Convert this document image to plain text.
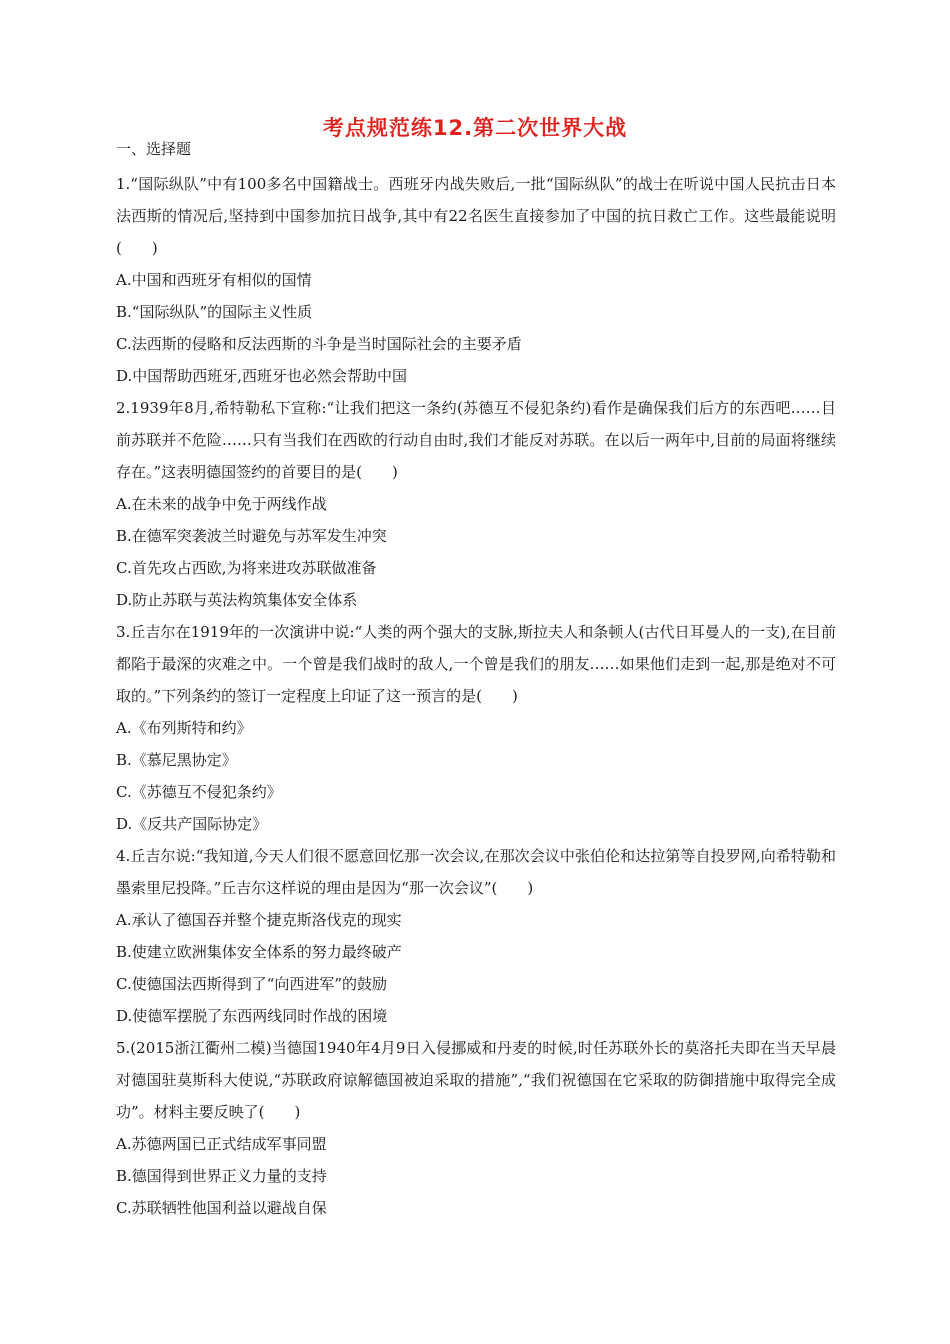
考点规范练12.第二次世界大战
一、选择题
1.“国际纵队”中有100多名中国籍战士。西班牙内战失败后,一批“国际纵队”的战士在听说中国人民抗击日本法西斯的情况后,坚持到中国参加抗日战争,其中有22名医生直接参加了中国的抗日救亡工作。这些最能说明(　　)
A.中国和西班牙有相似的国情
B.“国际纵队”的国际主义性质
C.法西斯的侵略和反法西斯的斗争是当时国际社会的主要矛盾
D.中国帮助西班牙,西班牙也必然会帮助中国
2.1939年8月,希特勒私下宣称:“让我们把这一条约(苏德互不侵犯条约)看作是确保我们后方的东西吧……目前苏联并不危险……只有当我们在西欧的行动自由时,我们才能反对苏联。在以后一两年中,目前的局面将继续存在。”这表明德国签约的首要目的是(　　)
A.在未来的战争中免于两线作战
B.在德军突袭波兰时避免与苏军发生冲突
C.首先攻占西欧,为将来进攻苏联做准备
D.防止苏联与英法构筑集体安全体系
3.丘吉尔在1919年的一次演讲中说:“人类的两个强大的支脉,斯拉夫人和条顿人(古代日耳曼人的一支),在目前都陷于最深的灾难之中。一个曾是我们战时的敌人,一个曾是我们的朋友……如果他们走到一起,那是绝对不可取的。”下列条约的签订一定程度上印证了这一预言的是(　　)
A.《布列斯特和约》
B.《慕尼黑协定》
C.《苏德互不侵犯条约》
D.《反共产国际协定》
4.丘吉尔说:“我知道,今天人们很不愿意回忆那一次会议,在那次会议中张伯伦和达拉第等自投罗网,向希特勒和墨索里尼投降。”丘吉尔这样说的理由是因为“那一次会议”(　　)
A.承认了德国吞并整个捷克斯洛伐克的现实
B.使建立欧洲集体安全体系的努力最终破产
C.使德国法西斯得到了“向西进军”的鼓励
D.使德军摆脱了东西两线同时作战的困境
5.(2015浙江衢州二模)当德国1940年4月9日入侵挪威和丹麦的时候,时任苏联外长的莫洛托夫即在当天早晨对德国驻莫斯科大使说,“苏联政府谅解德国被迫采取的措施”,“我们祝德国在它采取的防御措施中取得完全成功”。材料主要反映了(　　)
A.苏德两国已正式结成军事同盟
B.德国得到世界正义力量的支持
C.苏联牺牲他国利益以避战自保
